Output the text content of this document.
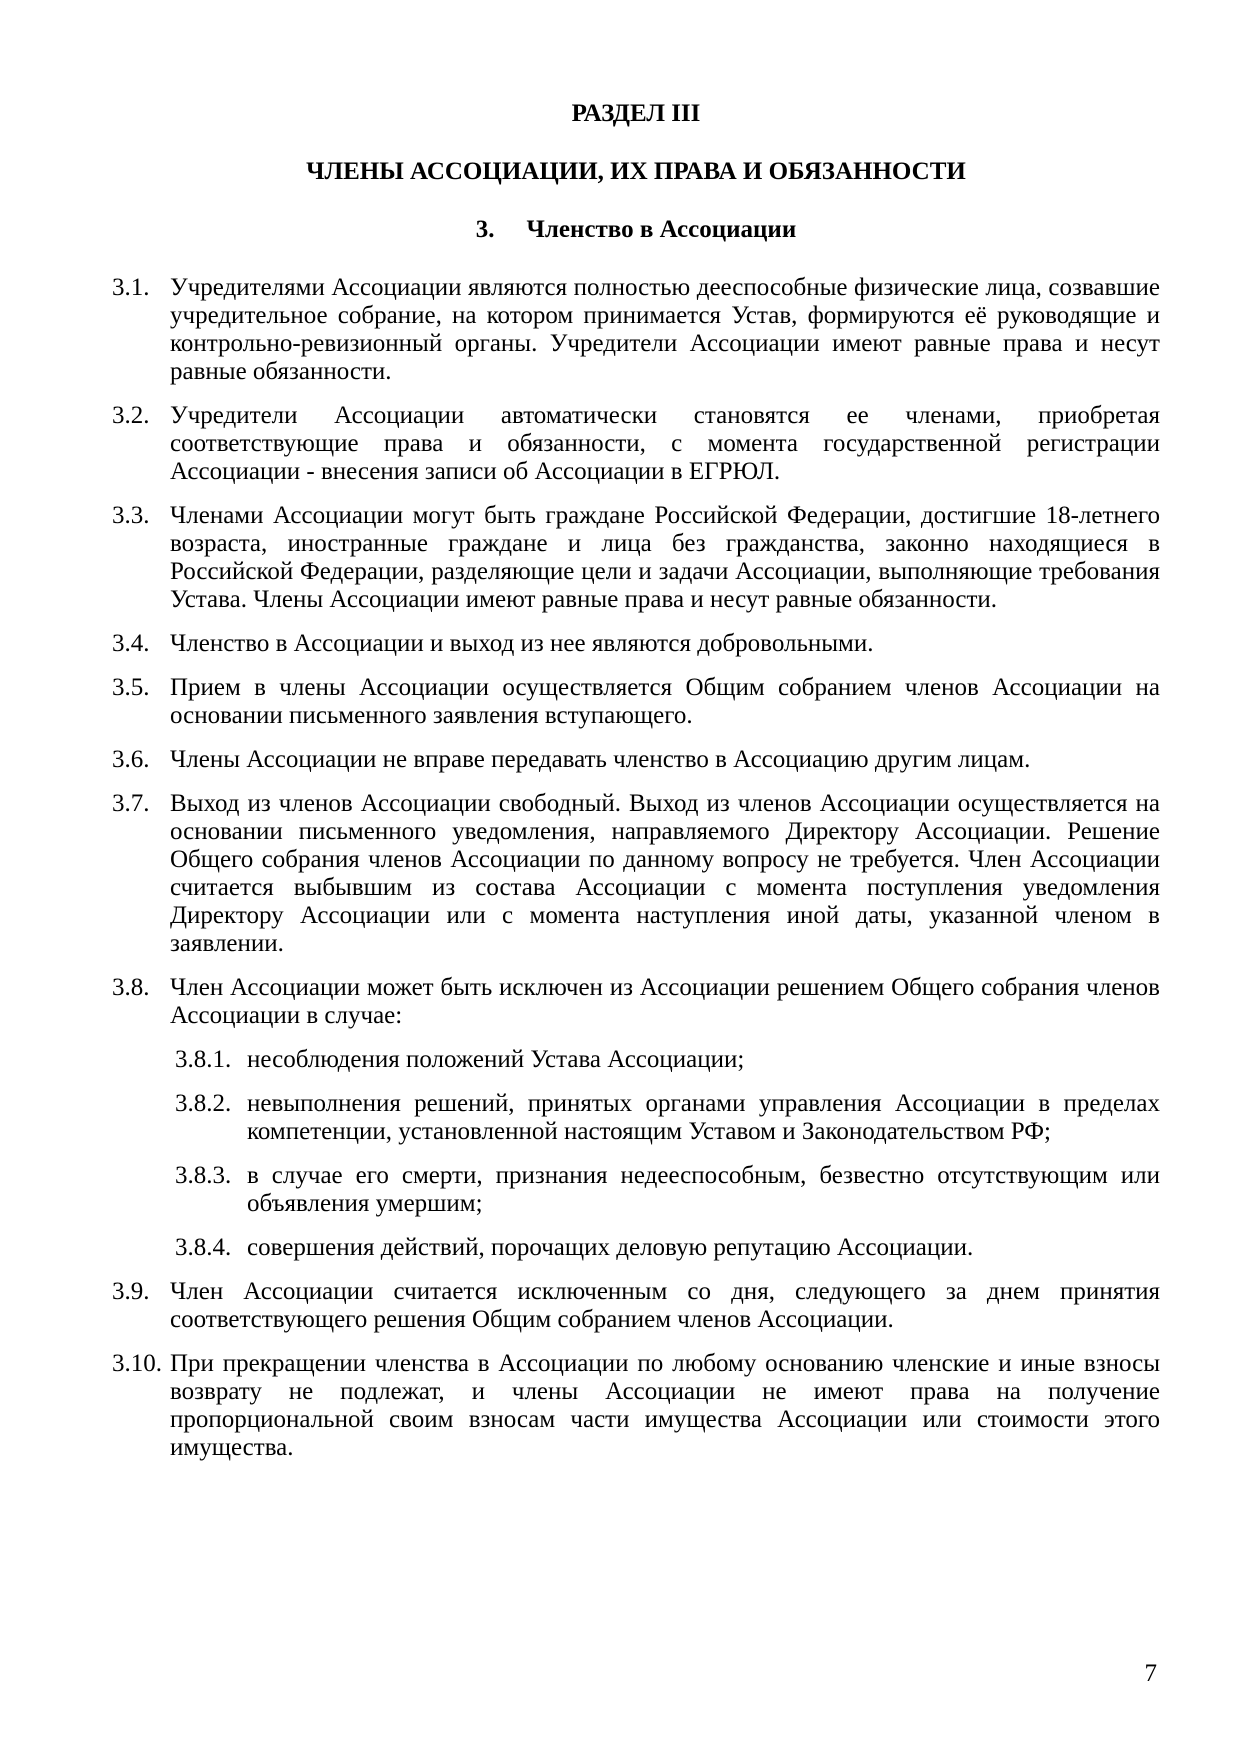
РАЗДЕЛ III
ЧЛЕНЫ АССОЦИАЦИИ, ИХ ПРАВА И ОБЯЗАННОСТИ
3. Членство в Ассоциации
3.1. Учредителями Ассоциации являются полностью дееспособные физические лица, созвавшие учредительное собрание, на котором принимается Устав, формируются её руководящие и контрольно-ревизионный органы. Учредители Ассоциации имеют равные права и несут равные обязанности.
3.2. Учредители Ассоциации автоматически становятся ее членами, приобретая соответствующие права и обязанности, с момента государственной регистрации Ассоциации - внесения записи об Ассоциации в ЕГРЮЛ.
3.3. Членами Ассоциации могут быть граждане Российской Федерации, достигшие 18-летнего возраста, иностранные граждане и лица без гражданства, законно находящиеся в Российской Федерации, разделяющие цели и задачи Ассоциации, выполняющие требования Устава. Члены Ассоциации имеют равные права и несут равные обязанности.
3.4. Членство в Ассоциации и выход из нее являются добровольными.
3.5. Прием в члены Ассоциации осуществляется Общим собранием членов Ассоциации на основании письменного заявления вступающего.
3.6. Члены Ассоциации не вправе передавать членство в Ассоциацию другим лицам.
3.7. Выход из членов Ассоциации свободный. Выход из членов Ассоциации осуществляется на основании письменного уведомления, направляемого Директору Ассоциации. Решение Общего собрания членов Ассоциации по данному вопросу не требуется. Член Ассоциации считается выбывшим из состава Ассоциации с момента поступления уведомления Директору Ассоциации или с момента наступления иной даты, указанной членом в заявлении.
3.8. Член Ассоциации может быть исключен из Ассоциации решением Общего собрания членов Ассоциации в случае:
3.8.1. несоблюдения положений Устава Ассоциации;
3.8.2. невыполнения решений, принятых органами управления Ассоциации в пределах компетенции, установленной настоящим Уставом и Законодательством РФ;
3.8.3. в случае его смерти, признания недееспособным, безвестно отсутствующим или объявления умершим;
3.8.4. совершения действий, порочащих деловую репутацию Ассоциации.
3.9. Член Ассоциации считается исключенным со дня, следующего за днем принятия соответствующего решения Общим собранием членов Ассоциации.
3.10. При прекращении членства в Ассоциации по любому основанию членские и иные взносы возврату не подлежат, и члены Ассоциации не имеют права на получение пропорциональной своим взносам части имущества Ассоциации или стоимости этого имущества.
7
